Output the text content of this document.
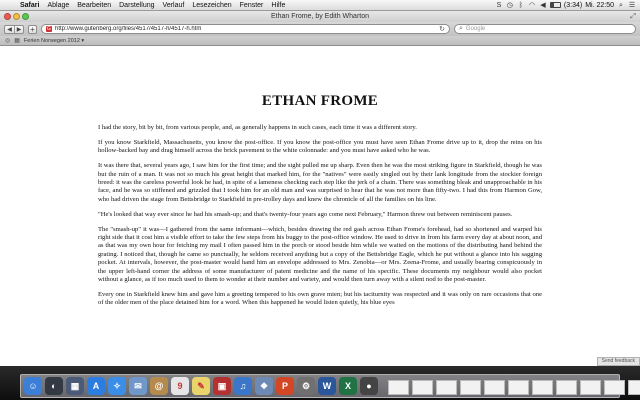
Safari	Ablage	Bearbeiten	Darstellung	Verlauf	Lesezeichen	Fenster	Hilfe	S ◷ ᛒ ◠ ◀	(3:34) Mi. 22:50 ⌕ ☰
Ethan Frome, by Edith Wharton	⤢
◀ ▶ +	G http://www.gutenberg.org/files/4517/4517-h/4517-h.htm	↻ ⌕ Google
◎ ▦ Ferien Norwegen 2012 ▾
ETHAN FROME

I had the story, bit by bit, from various people, and, as generally happens in such cases, each time it was a different story.

If you know Starkfield, Massachusetts, you know the post-office. If you know the post-office you must have seen Ethan Frome drive up to it, drop the reins on his hollow-backed bay and drag himself across the brick pavement to the white colonnade: and you must have asked who he was.

It was there that, several years ago, I saw him for the first time; and the sight pulled me up sharp. Even then he was the most striking figure in Starkfield, though he was but the ruin of a man. It was not so much his great height that marked him, for the "natives" were easily singled out by their lank longitude from the stockier foreign breed: it was the careless powerful look he had, in spite of a lameness checking each step like the jerk of a chain. There was something bleak and unapproachable in his face, and he was so stiffened and grizzled that I took him for an old man and was surprised to hear that he was not more than fifty-two. I had this from Harmon Gow, who had driven the stage from Bettsbridge to Starkfield in pre-trolley days and knew the chronicle of all the families on his line.

"He's looked that way ever since he had his smash-up; and that's twenty-four years ago come next February," Harmon threw out between reminiscent pauses.

The "smash-up" it was—I gathered from the same informant—which, besides drawing the red gash across Ethan Frome's forehead, had so shortened and warped his right side that it cost him a visible effort to take the few steps from his buggy to the post-office window. He used to drive in from his farm every day at about noon, and as that was my own hour for fetching my mail I often passed him in the porch or stood beside him while we waited on the motions of the distributing hand behind the grating. I noticed that, though he came so punctually, he seldom received anything but a copy of the Bettsbridge Eagle, which he put without a glance into his sagging pocket. At intervals, however, the post-master would hand him an envelope addressed to Mrs. Zenobia—or Mrs. Zeena-Frome, and usually bearing conspicuously in the upper left-hand corner the address of some manufacturer of patent medicine and the name of his specific. These documents my neighbour would also pocket without a glance, as if too much used to them to wonder at their number and variety, and would then turn away with a silent nod to the post-master.

Every one in Starkfield knew him and gave him a greeting tempered to his own grave mien; but his taciturnity was respected and it was only on rare occasions that one of the older men of the place detained him for a word. When this happened he would listen quietly, his blue eyes

Send feedback
☺	◐	▦	A	✧	✉	@	9	✎	▣	♫	❖	P	⚙	W	X	●
